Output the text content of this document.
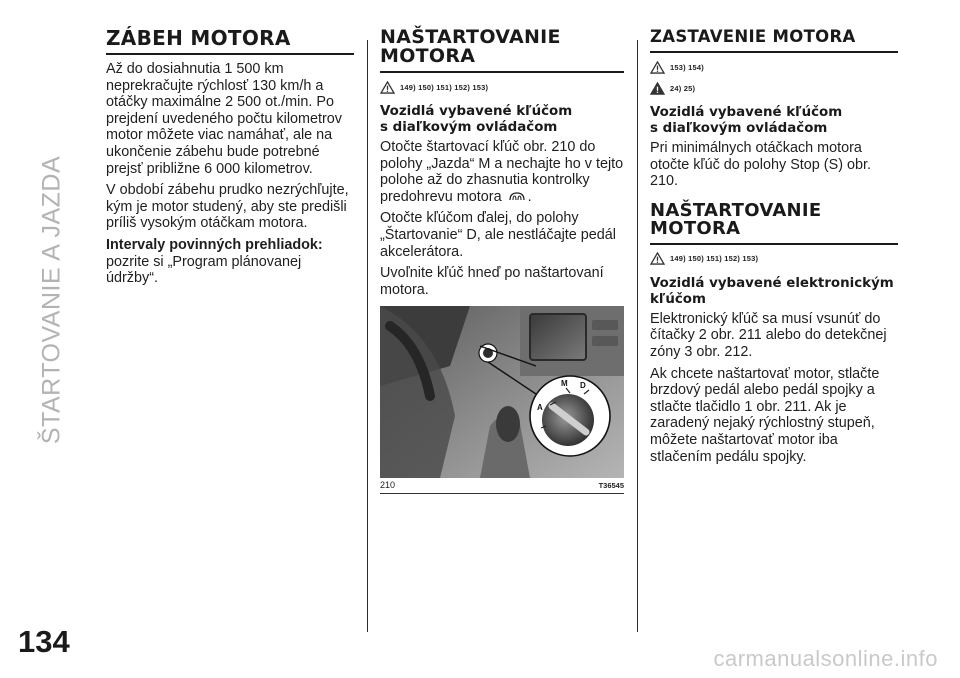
ŠTARTOVANIE A JAZDA
134
ZÁBEH MOTORA

Až do dosiahnutia 1 500 km neprekračujte rýchlosť 130 km/h a otáčky maximálne 2 500 ot./min. Po prejdení uvedeného počtu kilometrov motor môžete viac namáhať, ale na ukončenie zábehu bude potrebné prejsť približne 6 000 kilometrov.

V období zábehu prudko nezrýchľujte, kým je motor studený, aby ste predišli príliš vysokým otáčkam motora.

Intervaly povinných prehliadok:

pozrite si „Program plánovanej údržby“.

NAŠTARTOVANIE
MOTORA
149) 150) 151) 152) 153)
Vozidlá vybavené kľúčom
s diaľkovým ovládačom

Otočte štartovací kľúč obr. 210 do polohy „Jazda“ M a nechajte ho v tejto polohe až do zhasnutia kontrolky predohrevu motora .

Otočte kľúčom ďalej, do polohy „Štartovanie“ D, ale nestláčajte pedál akcelerátora.

Uvoľnite kľúč hneď po naštartovaní motora.

M D
A
210	T36545
ZASTAVENIE MOTORA
153) 154)
24) 25)
Vozidlá vybavené kľúčom
s diaľkovým ovládačom

Pri minimálnych otáčkach motora otočte kľúč do polohy Stop (S) obr. 210.

NAŠTARTOVANIE
MOTORA
149) 150) 151) 152) 153)
Vozidlá vybavené elektronickým
kľúčom

Elektronický kľúč sa musí vsunúť do čítačky 2 obr. 211 alebo do detekčnej zóny 3 obr. 212.

Ak chcete naštartovať motor, stlačte brzdový pedál alebo pedál spojky a stlačte tlačidlo 1 obr. 211. Ak je zaradený nejaký rýchlostný stupeň, môžete naštartovať motor iba stlačením pedálu spojky.

carmanualsonline.info
